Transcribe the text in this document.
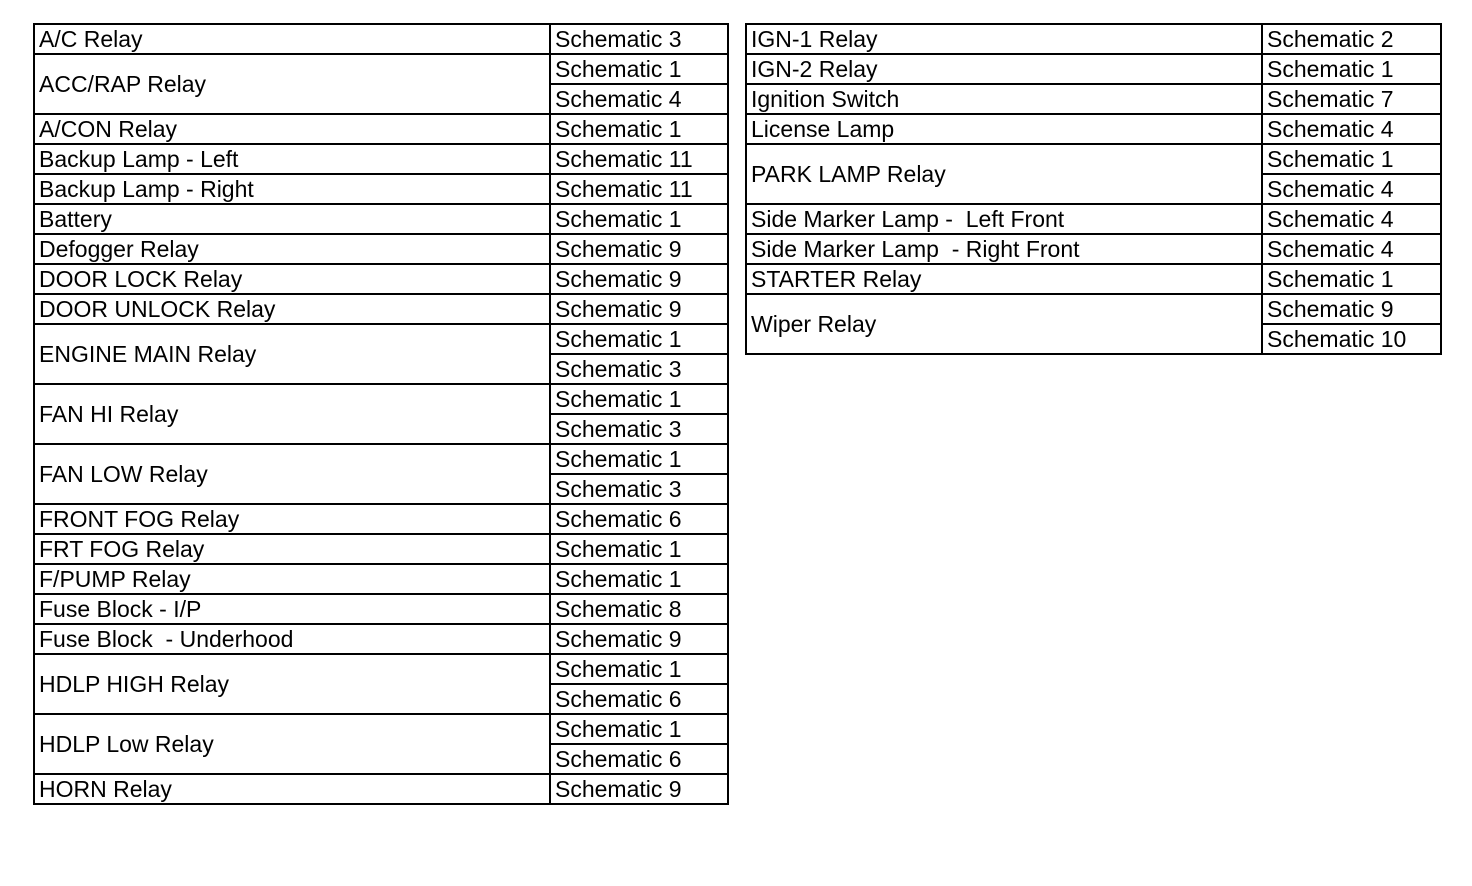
A/C Relay	Schematic 3
ACC/RAP Relay	Schematic 1
	Schematic 4
A/CON Relay	Schematic 1
Backup Lamp - Left	Schematic 11
Backup Lamp - Right	Schematic 11
Battery	Schematic 1
Defogger Relay	Schematic 9
DOOR LOCK Relay	Schematic 9
DOOR UNLOCK Relay	Schematic 9
ENGINE MAIN Relay	Schematic 1
	Schematic 3
FAN HI Relay	Schematic 1
	Schematic 3
FAN LOW Relay	Schematic 1
	Schematic 3
FRONT FOG Relay	Schematic 6
FRT FOG Relay	Schematic 1
F/PUMP Relay	Schematic 1
Fuse Block - I/P	Schematic 8
Fuse Block  - Underhood	Schematic 9
HDLP HIGH Relay	Schematic 1
	Schematic 6
HDLP Low Relay	Schematic 1
	Schematic 6
HORN Relay	Schematic 9
IGN-1 Relay	Schematic 2
IGN-2 Relay	Schematic 1
Ignition Switch	Schematic 7
License Lamp	Schematic 4
PARK LAMP Relay	Schematic 1
	Schematic 4
Side Marker Lamp -  Left Front	Schematic 4
Side Marker Lamp  - Right Front	Schematic 4
STARTER Relay	Schematic 1
Wiper Relay	Schematic 9
	Schematic 10
